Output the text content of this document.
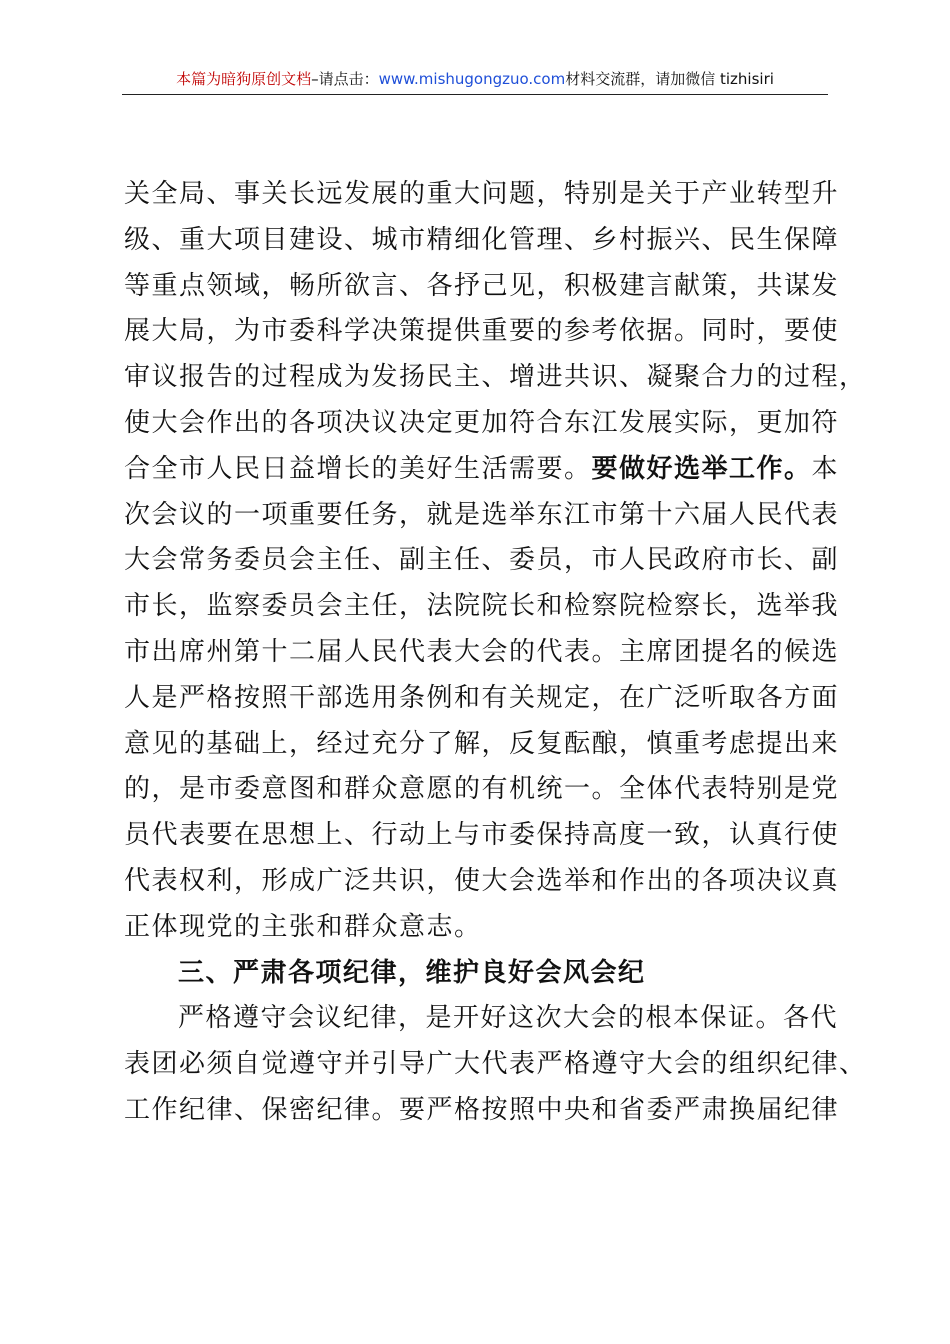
本篇为暗狗原创文档–请点击：www.mishugongzuo.com材料交流群，请加微信 tizhisiri
关全局、事关长远发展的重大问题，特别是关于产业转型升
级、重大项目建设、城市精细化管理、乡村振兴、民生保障
等重点领域，畅所欲言、各抒己见，积极建言献策，共谋发
展大局，为市委科学决策提供重要的参考依据。同时，要使
审议报告的过程成为发扬民主、增进共识、凝聚合力的过程，
使大会作出的各项决议决定更加符合东江发展实际，更加符
合全市人民日益增长的美好生活需要。要做好选举工作。本
次会议的一项重要任务，就是选举东江市第十六届人民代表
大会常务委员会主任、副主任、委员，市人民政府市长、副
市长，监察委员会主任，法院院长和检察院检察长，选举我
市出席州第十二届人民代表大会的代表。主席团提名的候选
人是严格按照干部选用条例和有关规定，在广泛听取各方面
意见的基础上，经过充分了解，反复酝酿，慎重考虑提出来
的，是市委意图和群众意愿的有机统一。全体代表特别是党
员代表要在思想上、行动上与市委保持高度一致，认真行使
代表权利，形成广泛共识，使大会选举和作出的各项决议真
正体现党的主张和群众意志。
三、严肃各项纪律，维护良好会风会纪
严格遵守会议纪律，是开好这次大会的根本保证。各代
表团必须自觉遵守并引导广大代表严格遵守大会的组织纪律、
工作纪律、保密纪律。要严格按照中央和省委严肃换届纪律
